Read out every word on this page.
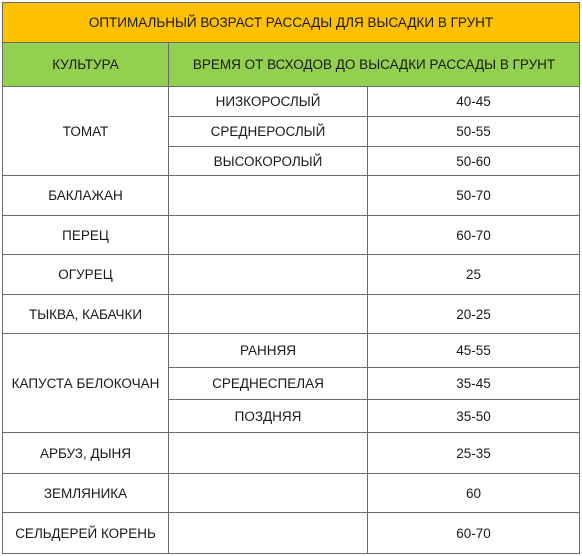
ОПТИМАЛЬНЫЙ ВОЗРАСТ РАССАДЫ ДЛЯ ВЫСАДКИ В ГРУНТ		
КУЛЬТУРА	ВРЕМЯ ОТ ВСХОДОВ ДО ВЫСАДКИ РАССАДЫ В ГРУНТ	
ТОМАТ	НИЗКОРОСЛЫЙ	40-45
	СРЕДНЕРОСЛЫЙ	50-55
	ВЫСОКОРОЛЫЙ	50-60
БАКЛАЖАН		50-70
ПЕРЕЦ		60-70
ОГУРЕЦ		25
ТЫКВА, КАБАЧКИ		20-25
КАПУСТА БЕЛОКОЧАН	РАННЯЯ	45-55
	СРЕДНЕСПЕЛАЯ	35-45
	ПОЗДНЯЯ	35-50
АРБУЗ, ДЫНЯ		25-35
ЗЕМЛЯНИКА		60
СЕЛЬДЕРЕЙ КОРЕНЬ		60-70
